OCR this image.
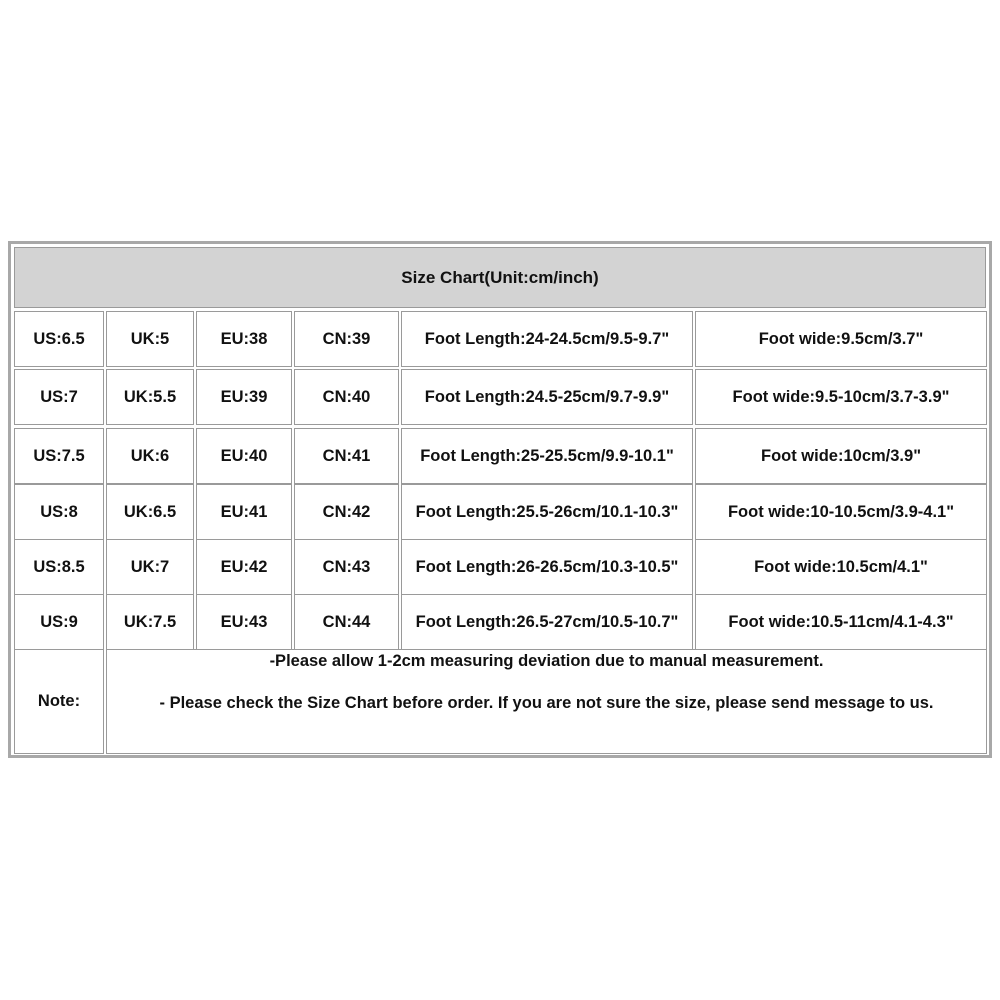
Size Chart(Unit:cm/inch)
US:6.5	UK:5	EU:38	CN:39	Foot Length:24-24.5cm/9.5-9.7"	Foot wide:9.5cm/3.7"
US:7	UK:5.5	EU:39	CN:40	Foot Length:24.5-25cm/9.7-9.9"	Foot wide:9.5-10cm/3.7-3.9"
US:7.5	UK:6	EU:40	CN:41	Foot Length:25-25.5cm/9.9-10.1"	Foot wide:10cm/3.9"
US:8	UK:6.5	EU:41	CN:42	Foot Length:25.5-26cm/10.1-10.3"	Foot wide:10-10.5cm/3.9-4.1"
US:8.5	UK:7	EU:42	CN:43	Foot Length:26-26.5cm/10.3-10.5"	Foot wide:10.5cm/4.1"
US:9	UK:7.5	EU:43	CN:44	Foot Length:26.5-27cm/10.5-10.7"	Foot wide:10.5-11cm/4.1-4.3"
Note:
-Please allow 1-2cm measuring deviation due to manual measurement.
- Please check the Size Chart before order. If you are not sure the size, please send message to us.
